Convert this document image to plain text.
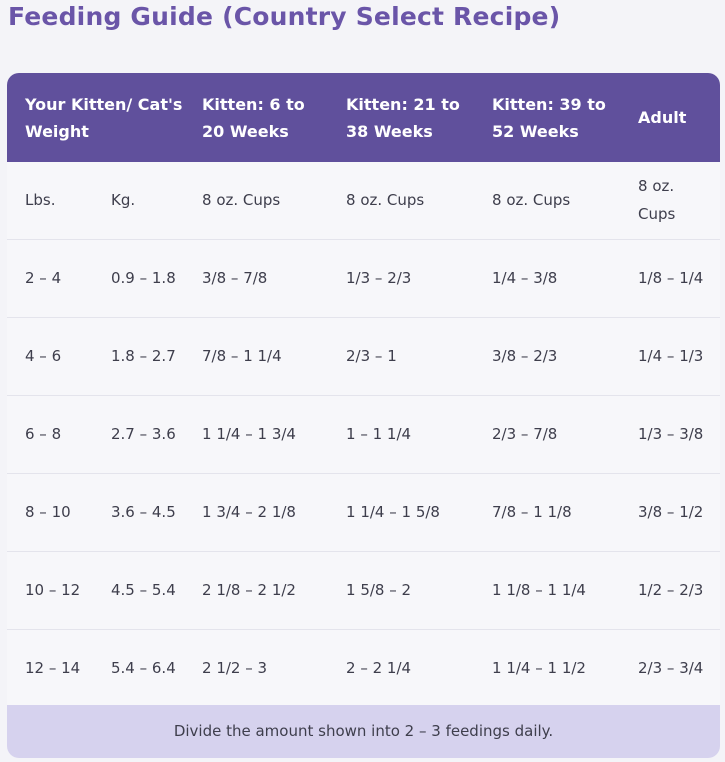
Feeding Guide (Country Select Recipe)
Your Kitten/ Cat's Weight		Kitten: 6 to 20 Weeks	Kitten: 21 to 38 Weeks	Kitten: 39 to 52 Weeks	Adult
Lbs.	Kg.	8 oz. Cups	8 oz. Cups	8 oz. Cups	8 oz. Cups
2 – 4	0.9 – 1.8	3/8 – 7/8	1/3 – 2/3	1/4 – 3/8	1/8 – 1/4
4 – 6	1.8 – 2.7	7/8 – 1 1/4	2/3 – 1	3/8 – 2/3	1/4 – 1/3
6 – 8	2.7 – 3.6	1 1/4 – 1 3/4	1 – 1 1/4	2/3 – 7/8	1/3 – 3/8
8 – 10	3.6 – 4.5	1 3/4 – 2 1/8	1 1/4 – 1 5/8	7/8 – 1 1/8	3/8 – 1/2
10 – 12	4.5 – 5.4	2 1/8 – 2 1/2	1 5/8 – 2	1 1/8 – 1 1/4	1/2 – 2/3
12 – 14	5.4 – 6.4	2 1/2 – 3	2 – 2 1/4	1 1/4 – 1 1/2	2/3 – 3/4
Divide the amount shown into 2 – 3 feedings daily.
